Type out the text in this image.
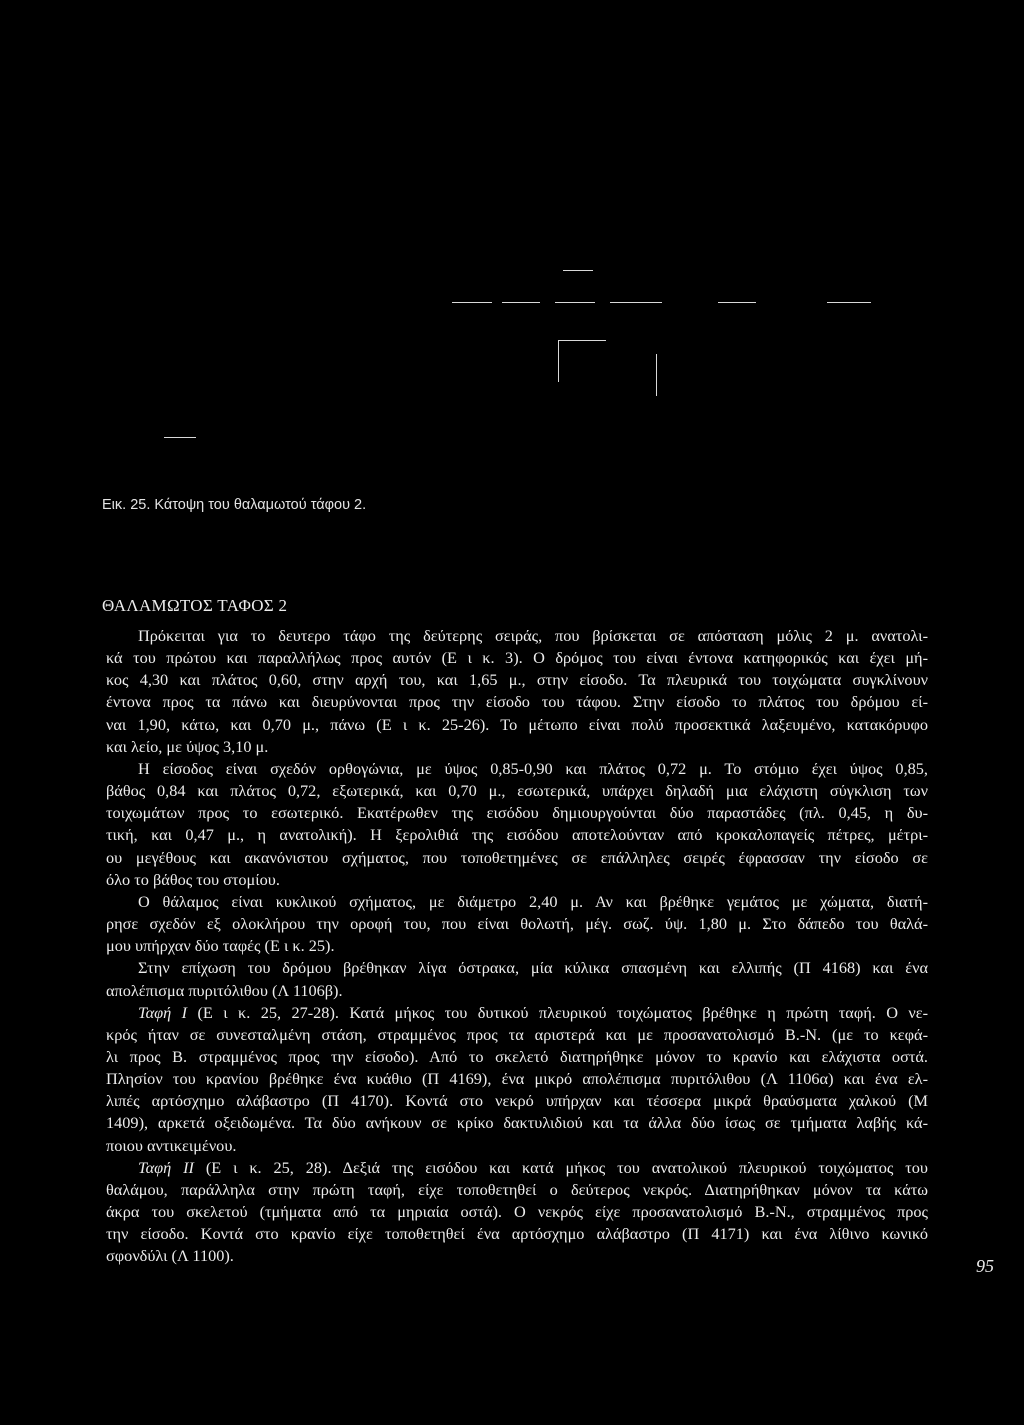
Εικ. 25. Κάτοψη του θαλαμωτού τάφου 2.
ΘΑΛΑΜΩΤΟΣ ΤΑΦΟΣ 2
Πρόκειται για το δευτερο τάφο της δεύτερης σειράς, που βρίσκεται σε απόσταση μόλις 2 μ. ανατολι-
κά του πρώτου και παραλλήλως προς αυτόν (Ε ι κ. 3). Ο δρόμος του είναι έντονα κατηφορικός και έχει μή-
κος 4,30 και πλάτος 0,60, στην αρχή του, και 1,65 μ., στην είσοδο. Τα πλευρικά του τοιχώματα συγκλίνουν
έντονα προς τα πάνω και διευρύνονται προς την είσοδο του τάφου. Στην είσοδο το πλάτος του δρόμου εί-
ναι 1,90, κάτω, και 0,70 μ., πάνω (Ε ι κ. 25-26). Το μέτωπο είναι πολύ προσεκτικά λαξευμένο, κατακόρυφο
και λείο, με ύψος 3,10 μ.
Η είσοδος είναι σχεδόν ορθογώνια, με ύψος 0,85-0,90 και πλάτος 0,72 μ. Το στόμιο έχει ύψος 0,85,
βάθος 0,84 και πλάτος 0,72, εξωτερικά, και 0,70 μ., εσωτερικά, υπάρχει δηλαδή μια ελάχιστη σύγκλιση των
τοιχωμάτων προς το εσωτερικό. Εκατέρωθεν της εισόδου δημιουργούνται δύο παραστάδες (πλ. 0,45, η δυ-
τική, και 0,47 μ., η ανατολική). Η ξερολιθιά της εισόδου αποτελούνταν από κροκαλοπαγείς πέτρες, μέτρι-
ου μεγέθους και ακανόνιστου σχήματος, που τοποθετημένες σε επάλληλες σειρές έφρασσαν την είσοδο σε
όλο το βάθος του στομίου.
Ο θάλαμος είναι κυκλικού σχήματος, με διάμετρο 2,40 μ. Αν και βρέθηκε γεμάτος με χώματα, διατή-
ρησε σχεδόν εξ ολοκλήρου την οροφή του, που είναι θολωτή, μέγ. σωζ. ύψ. 1,80 μ. Στο δάπεδο του θαλά-
μου υπήρχαν δύο ταφές (Ε ι κ. 25).
Στην επίχωση του δρόμου βρέθηκαν λίγα όστρακα, μία κύλικα σπασμένη και ελλιπής (Π 4168) και ένα
απολέπισμα πυριτόλιθου (Λ 1106β).
Ταφή Ι (Ε ι κ. 25, 27-28). Κατά μήκος του δυτικού πλευρικού τοιχώματος βρέθηκε η πρώτη ταφή. Ο νε-
κρός ήταν σε συνεσταλμένη στάση, στραμμένος προς τα αριστερά και με προσανατολισμό Β.-Ν. (με το κεφά-
λι προς Β. στραμμένος προς την είσοδο). Από το σκελετό διατηρήθηκε μόνον το κρανίο και ελάχιστα οστά.
Πλησίον του κρανίου βρέθηκε ένα κυάθιο (Π 4169), ένα μικρό απολέπισμα πυριτόλιθου (Λ 1106α) και ένα ελ-
λιπές αρτόσχημο αλάβαστρο (Π 4170). Κοντά στο νεκρό υπήρχαν και τέσσερα μικρά θραύσματα χαλκού (Μ
1409), αρκετά οξειδωμένα. Τα δύο ανήκουν σε κρίκο δακτυλιδιού και τα άλλα δύο ίσως σε τμήματα λαβής κά-
ποιου αντικειμένου.
Ταφή ΙΙ (Ε ι κ. 25, 28). Δεξιά της εισόδου και κατά μήκος του ανατολικού πλευρικού τοιχώματος του
θαλάμου, παράλληλα στην πρώτη ταφή, είχε τοποθετηθεί ο δεύτερος νεκρός. Διατηρήθηκαν μόνον τα κάτω
άκρα του σκελετού (τμήματα από τα μηριαία οστά). Ο νεκρός είχε προσανατολισμό Β.-Ν., στραμμένος προς
την είσοδο. Κοντά στο κρανίο είχε τοποθετηθεί ένα αρτόσχημο αλάβαστρο (Π 4171) και ένα λίθινο κωνικό
σφονδύλι (Λ 1100).
95
